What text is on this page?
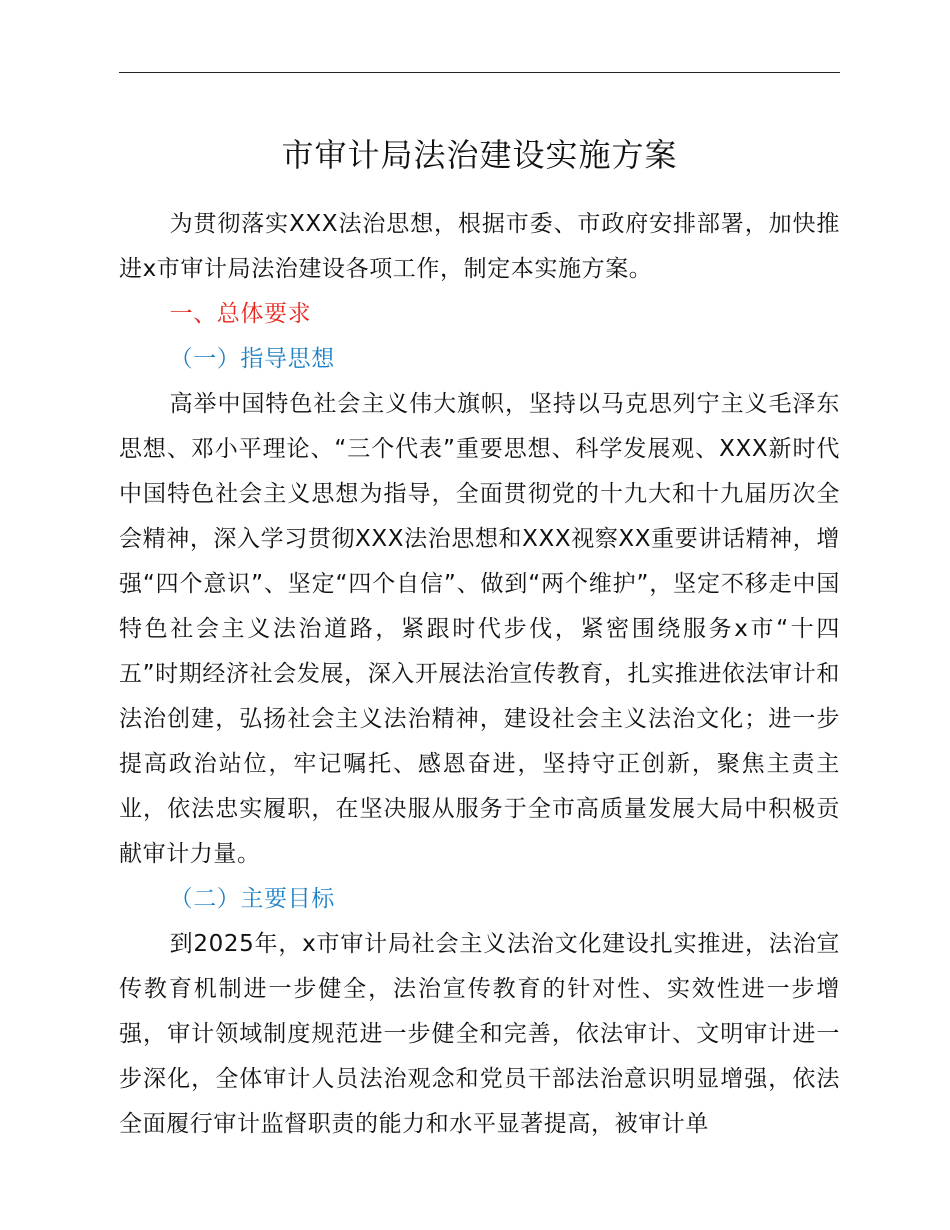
市审计局法治建设实施方案

为贯彻落实XXX法治思想，根据市委、市政府安排部署，加快推进x市审计局法治建设各项工作，制定本实施方案。

一、总体要求

（一）指导思想

高举中国特色社会主义伟大旗帜，坚持以马克思列宁主义毛泽东思想、邓小平理论、“三个代表”重要思想、科学发展观、XXX新时代中国特色社会主义思想为指导，全面贯彻党的十九大和十九届历次全会精神，深入学习贯彻XXX法治思想和XXX视察XX重要讲话精神，增强“四个意识”、坚定“四个自信”、做到“两个维护”，坚定不移走中国特色社会主义法治道路，紧跟时代步伐，紧密围绕服务x市“十四五”时期经济社会发展，深入开展法治宣传教育，扎实推进依法审计和法治创建，弘扬社会主义法治精神，建设社会主义法治文化；进一步提高政治站位，牢记嘱托、感恩奋进，坚持守正创新，聚焦主责主业，依法忠实履职，在坚决服从服务于全市高质量发展大局中积极贡献审计力量。

（二）主要目标

到2025年，x市审计局社会主义法治文化建设扎实推进，法治宣传教育机制进一步健全，法治宣传教育的针对性、实效性进一步增强，审计领域制度规范进一步健全和完善，依法审计、文明审计进一步深化，全体审计人员法治观念和党员干部法治意识明显增强，依法全面履行审计监督职责的能力和水平显著提高，被审计单
